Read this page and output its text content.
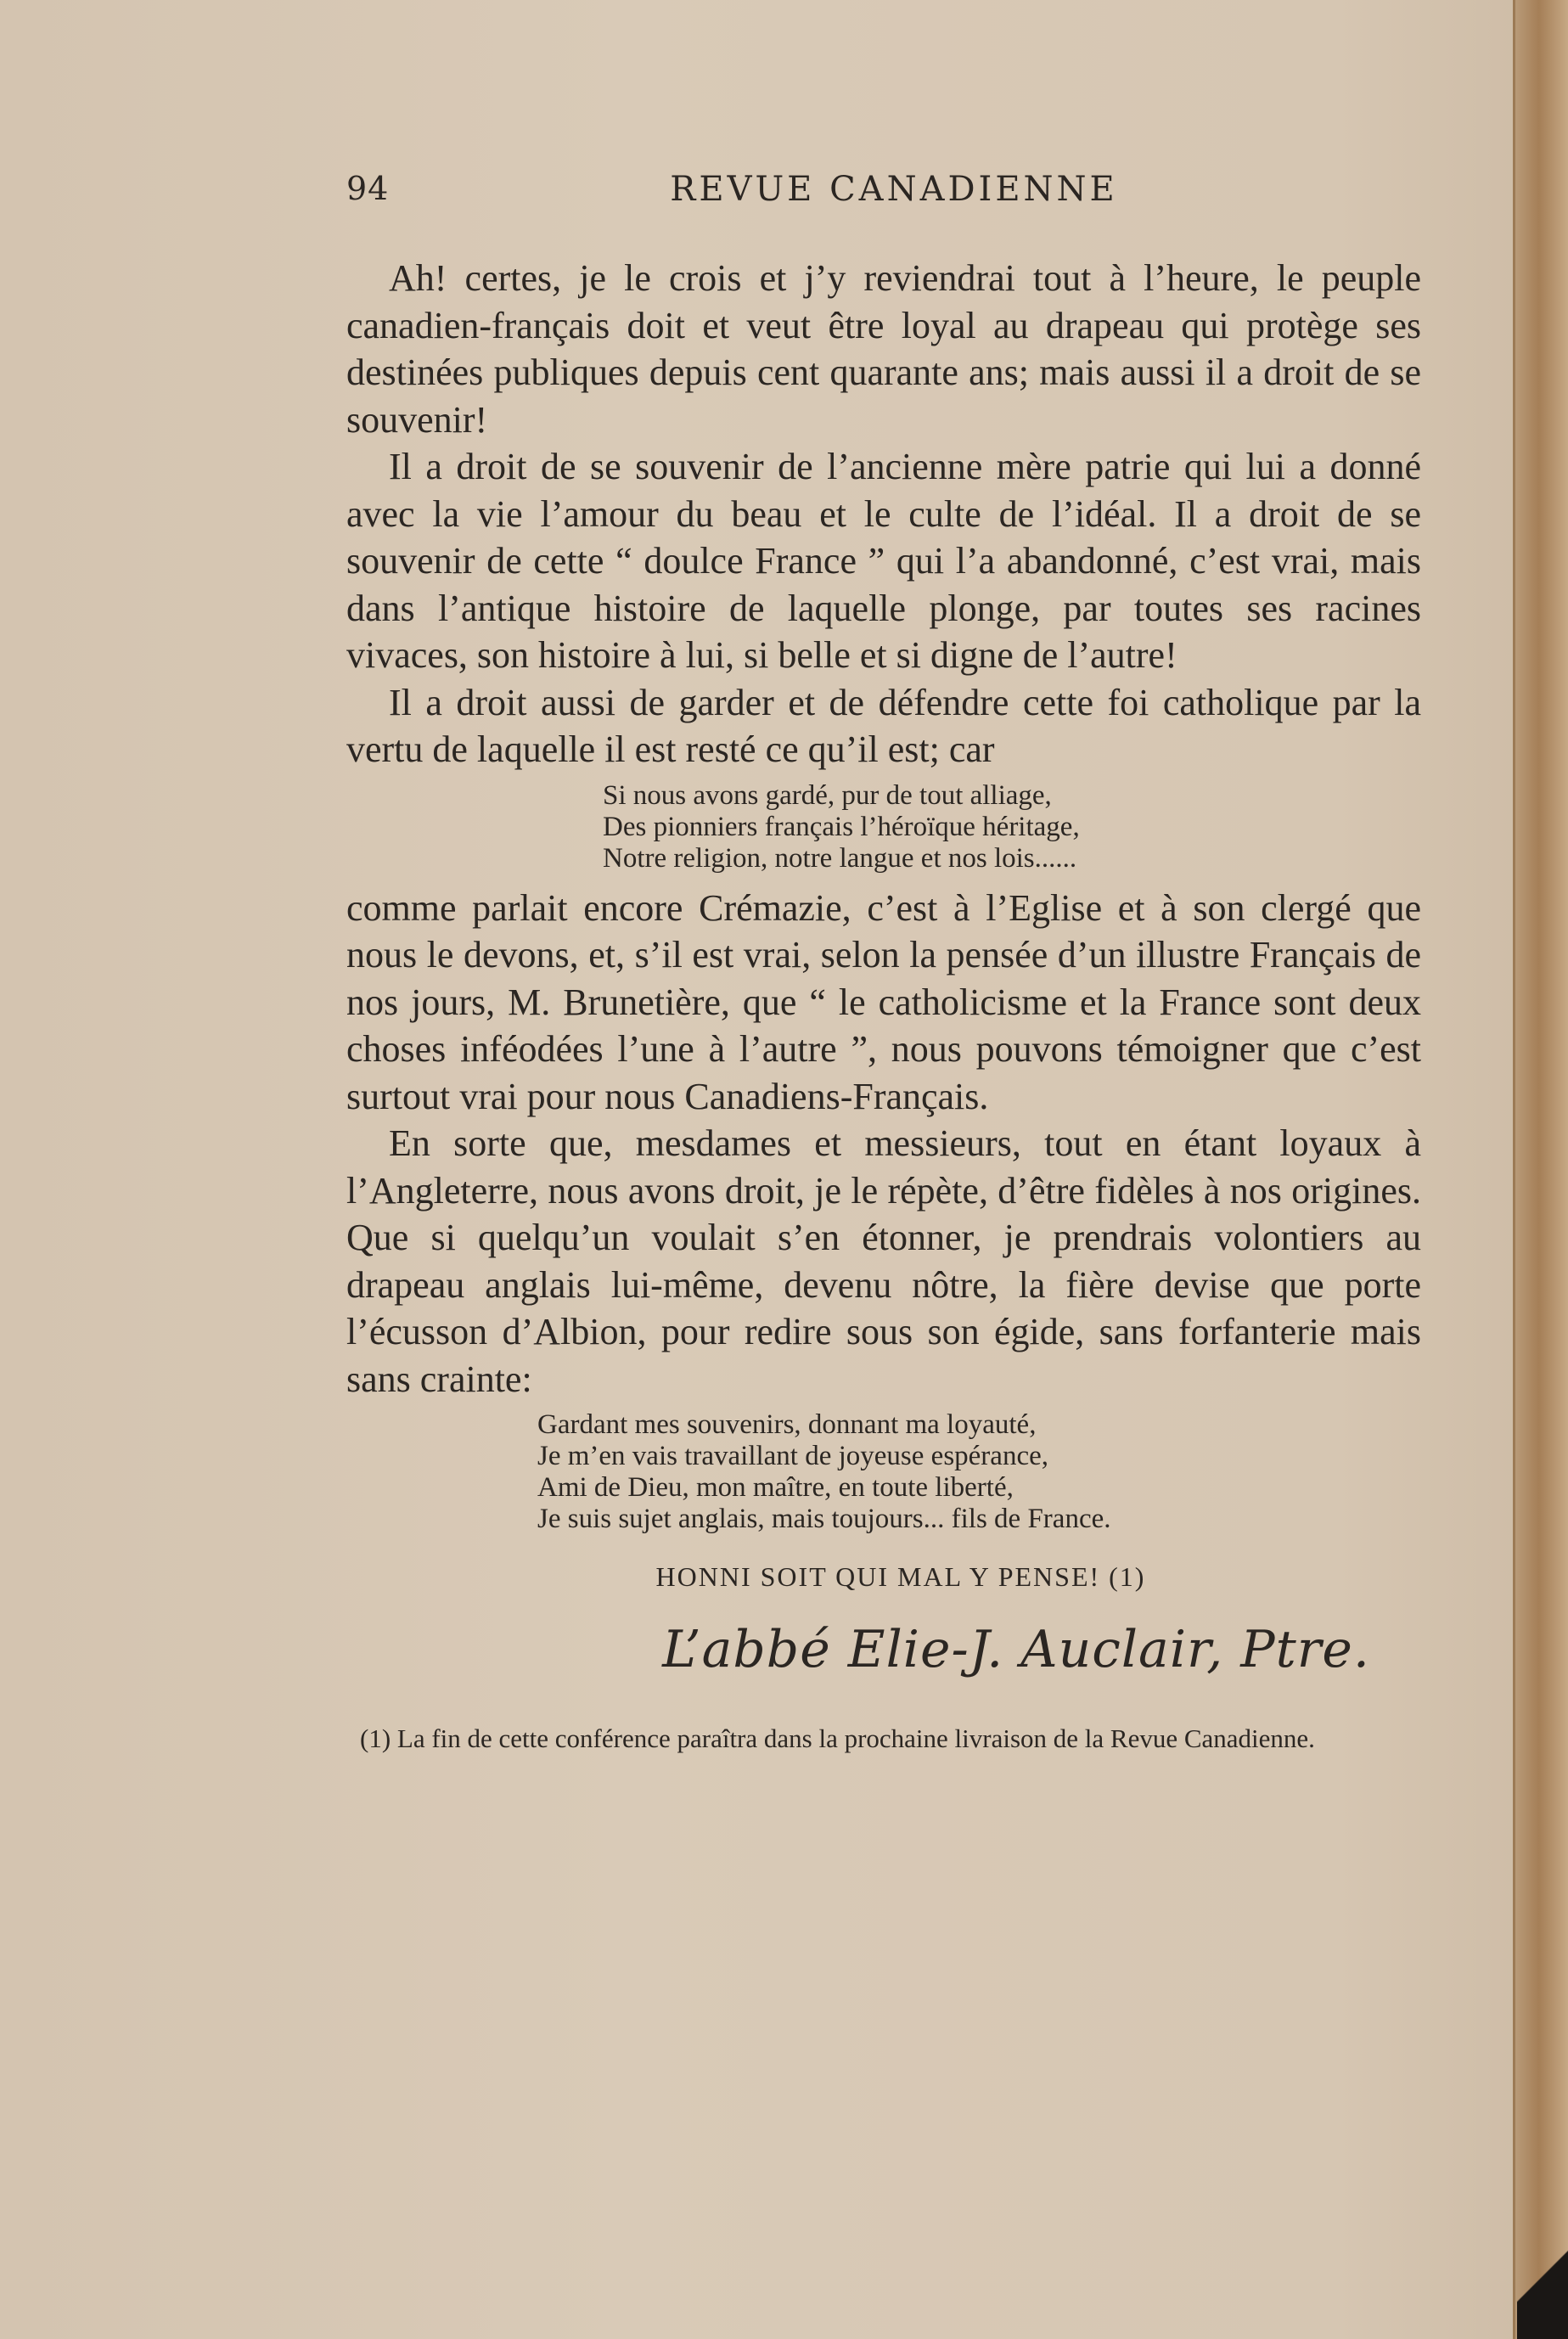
94	REVUE CANADIENNE

Ah! certes, je le crois et j’y reviendrai tout à l’heure, le peuple canadien-français doit et veut être loyal au drapeau qui protège ses destinées publiques depuis cent quarante ans; mais aussi il a droit de se souvenir!

Il a droit de se souvenir de l’ancienne mère patrie qui lui a donné avec la vie l’amour du beau et le culte de l’idéal. Il a droit de se souvenir de cette “ doulce France ” qui l’a abandonné, c’est vrai, mais dans l’antique histoire de laquelle plonge, par toutes ses racines vivaces, son histoire à lui, si belle et si digne de l’autre!

Il a droit aussi de garder et de défendre cette foi catholique par la vertu de laquelle il est resté ce qu’il est; car

Si nous avons gardé, pur de tout alliage,
Des pionniers français l’héroïque héritage,
Notre religion, notre langue et nos lois......

comme parlait encore Crémazie, c’est à l’Eglise et à son clergé que nous le devons, et, s’il est vrai, selon la pensée d’un illustre Français de nos jours, M. Brunetière, que “ le catholicisme et la France sont deux choses inféodées l’une à l’autre ”, nous pouvons témoigner que c’est surtout vrai pour nous Canadiens-Français.

En sorte que, mesdames et messieurs, tout en étant loyaux à l’Angleterre, nous avons droit, je le répète, d’être fidèles à nos origines. Que si quelqu’un voulait s’en étonner, je prendrais volontiers au drapeau anglais lui-même, devenu nôtre, la fière devise que porte l’écusson d’Albion, pour redire sous son égide, sans forfanterie mais sans crainte:

Gardant mes souvenirs, donnant ma loyauté,
Je m’en vais travaillant de joyeuse espérance,
Ami de Dieu, mon maître, en toute liberté,
Je suis sujet anglais, mais toujours... fils de France.
HONNI SOIT QUI MAL Y PENSE! (1)
L’abbé Elie-J. Auclair, Ptre.
(1) La fin de cette conférence paraîtra dans la prochaine livraison de la Revue Canadienne.
